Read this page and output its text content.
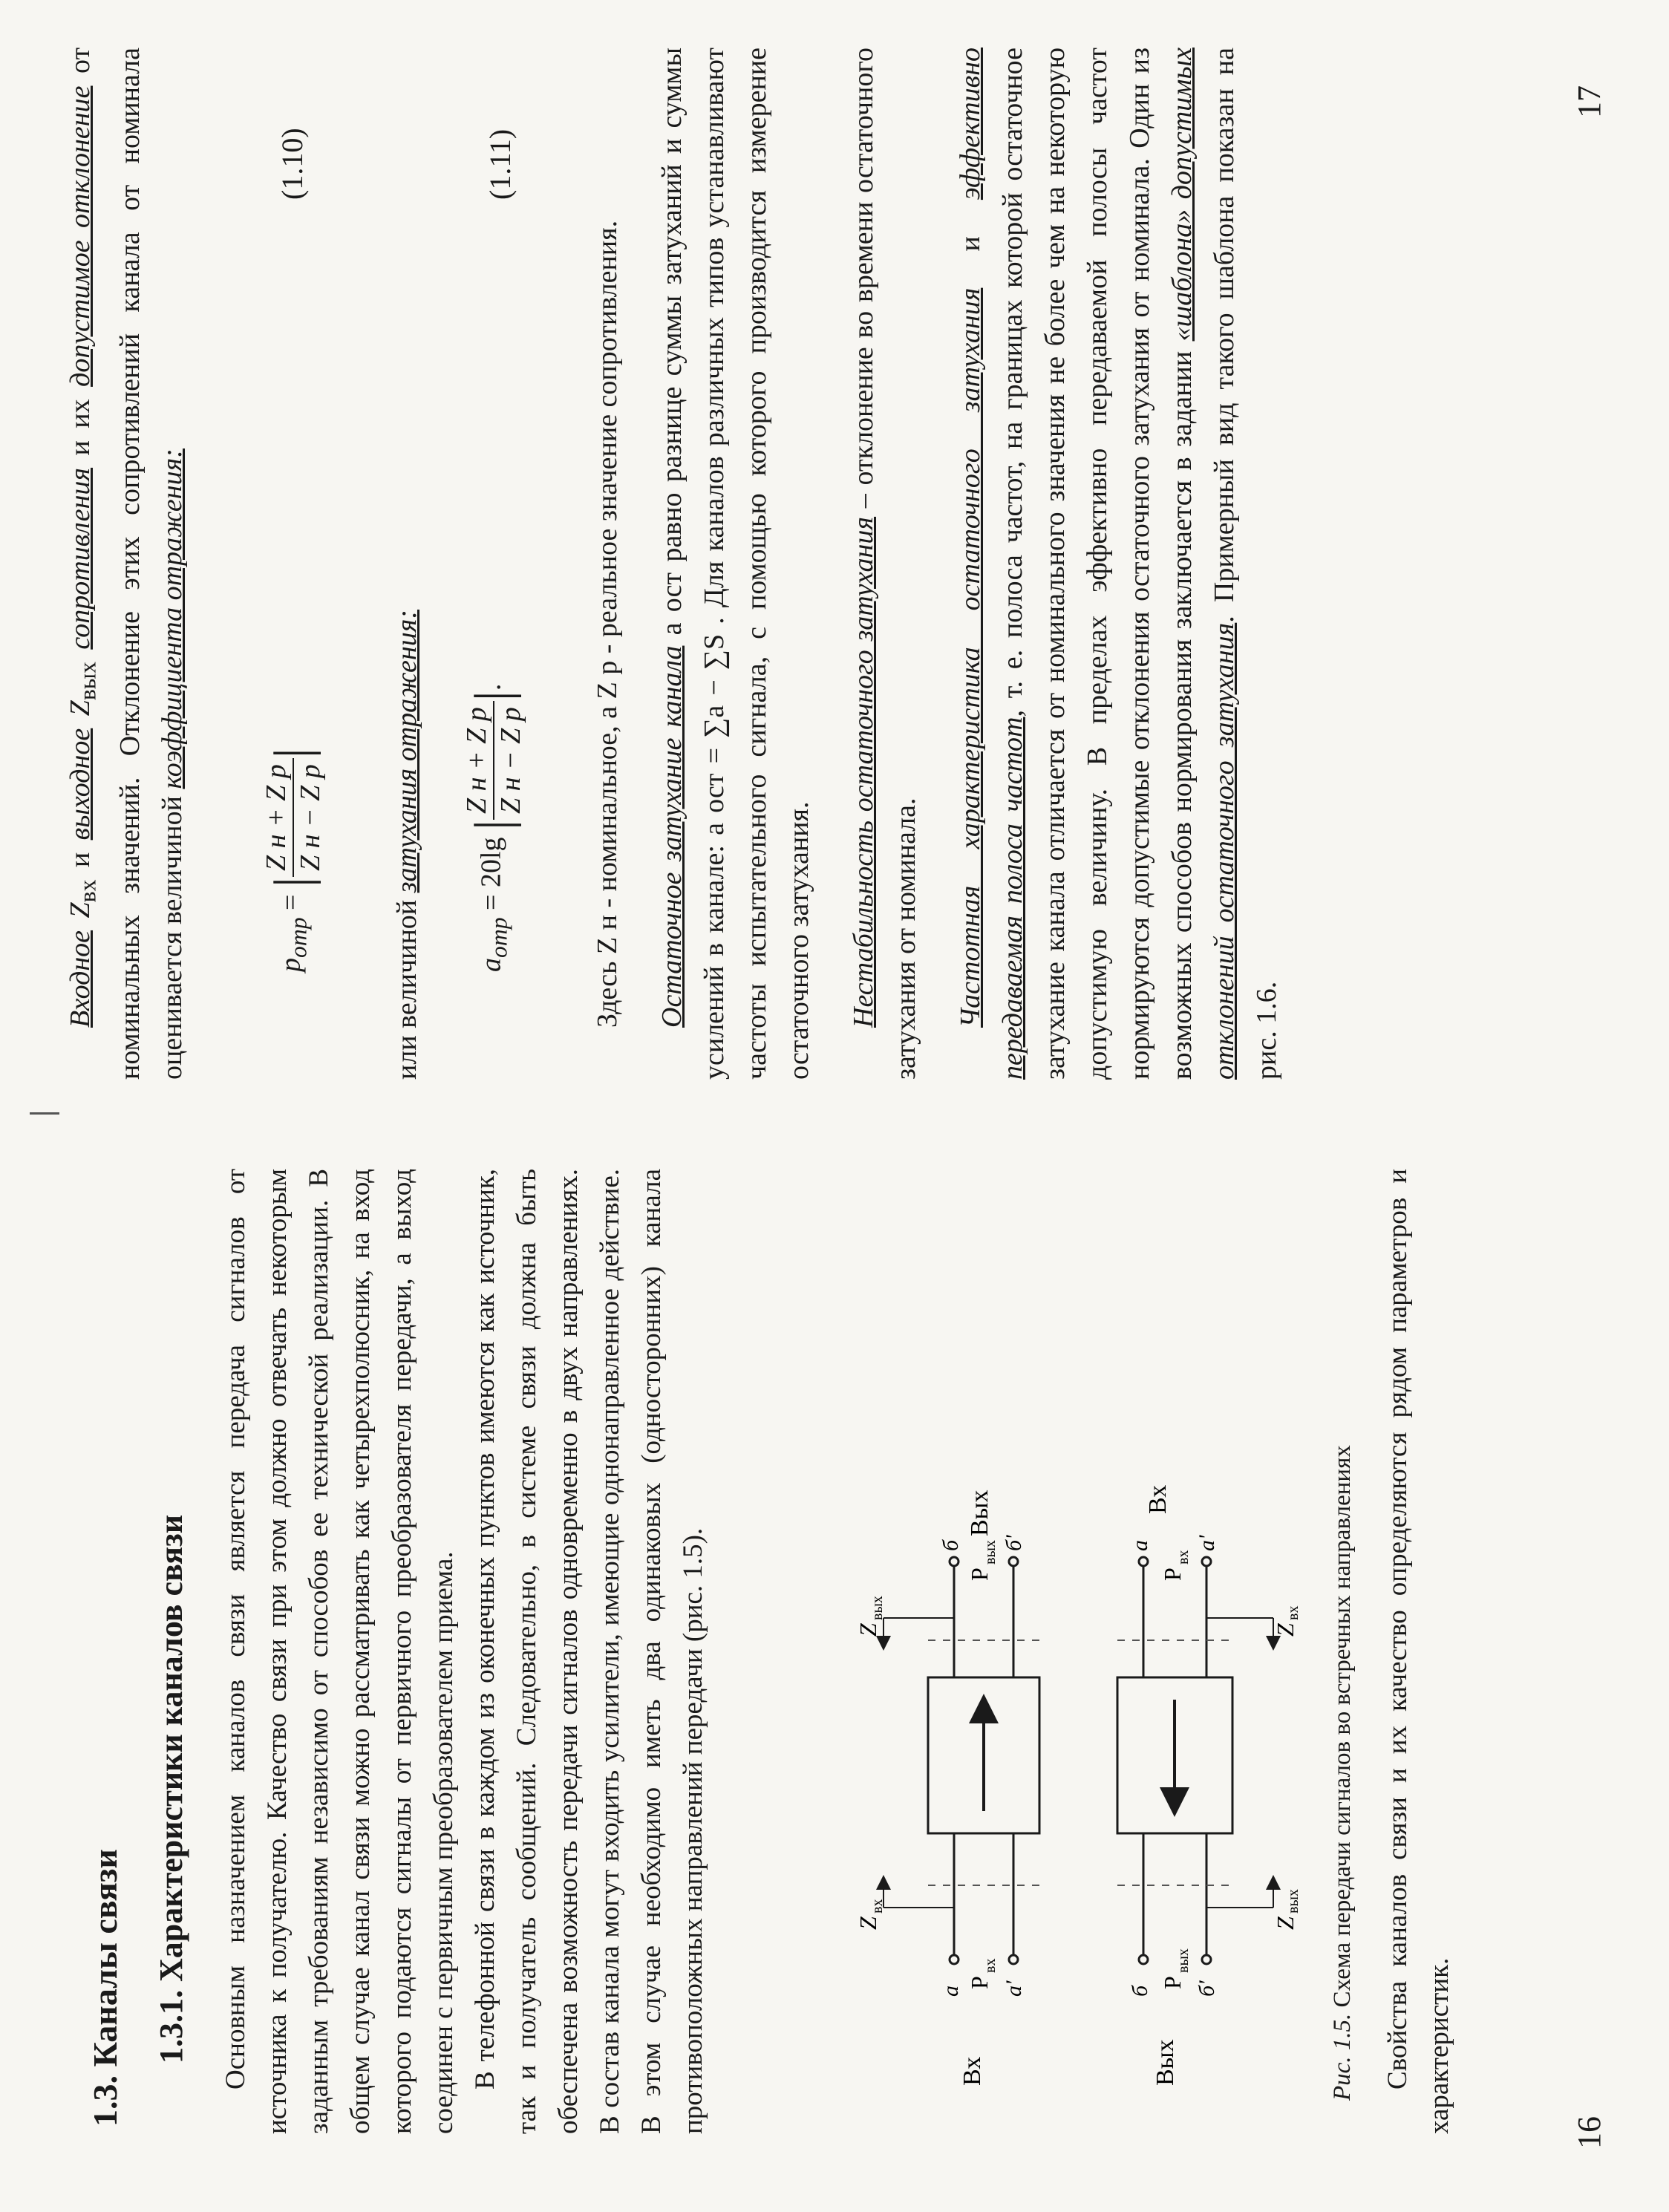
1.3. Каналы связи 1.3.1. Характеристики каналов связи Основным назначением каналов связи является передача сигналов от источника к получателю. Качество связи при этом должно отвечать некоторым заданным требованиям независимо от способов ее технической реализации. В общем случае канал связи можно рассматривать как четырехполюсник, на вход которого подаются сигналы от первичного преобразователя передачи, а выход соединен с первичным преобразователем приема. В телефонной связи в каждом из оконечных пунктов имеются как источник, так и получатель сообщений. Следовательно, в системе связи должна быть обеспечена возможность передачи сигналов одновременно в двух направлениях. В состав канала могут входить усилители, имеющие однонаправленное действие. В этом случае необходимо иметь два одинаковых (односторонних) канала противоположных направлений передачи (рис. 1.5).	Вх
а а'
P
вх
б б'
P
вых
Вых
Z
вх
Z
вых
Вых
б б'
P
вых
а а'
P
вх
Вх
Z
вых
Z
вх
Рис. 1.5. Схема передачи сигналов во встречных направлениях Свойства каналов связи и их качество определяются рядом параметров и характеристик.	16

Входное $Z_{вх}$ и выходное $Z_{вых}$ сопротивления и их допустимое отклонение от номинальных значений. Отклонение этих сопротивлений канала от номинала оценивается величиной коэффициента отражения:

$p_{отр}$ = |
Z н + Z р Z н − Z р
|
(1.10)

или величиной затухания отражения:

$a_{отр} = 20\lg$ |
Z н + Z р Z н − Z р
|.
(1.11)

Здесь Z н - номинальное, а Z р - реальное значение сопротивления. Остаточное затухание канала a ост равно разнице суммы затуханий и суммы усилений в канале: a ост = ∑a − ∑S . Для каналов различных типов устанавливают частоты испытательного сигнала, с помощью которого производится измерение остаточного затухания. Нестабильность остаточного затухания – отклонение во времени остаточного затухания от номинала. Частотная характеристика остаточного затухания и эффективно передаваемая полоса частот, т. е. полоса частот, на границах которой остаточное затухание канала отличается от номинального значения не более чем на некоторую допустимую величину. В пределах эффективно передаваемой полосы частот нормируются допустимые отклонения остаточного затухания от номинала. Один из возможных способов нормирования заключается в задании «шаблона» допустимых отклонений остаточного затухания. Примерный вид такого шаблона показан на рис. 1.6.

17
